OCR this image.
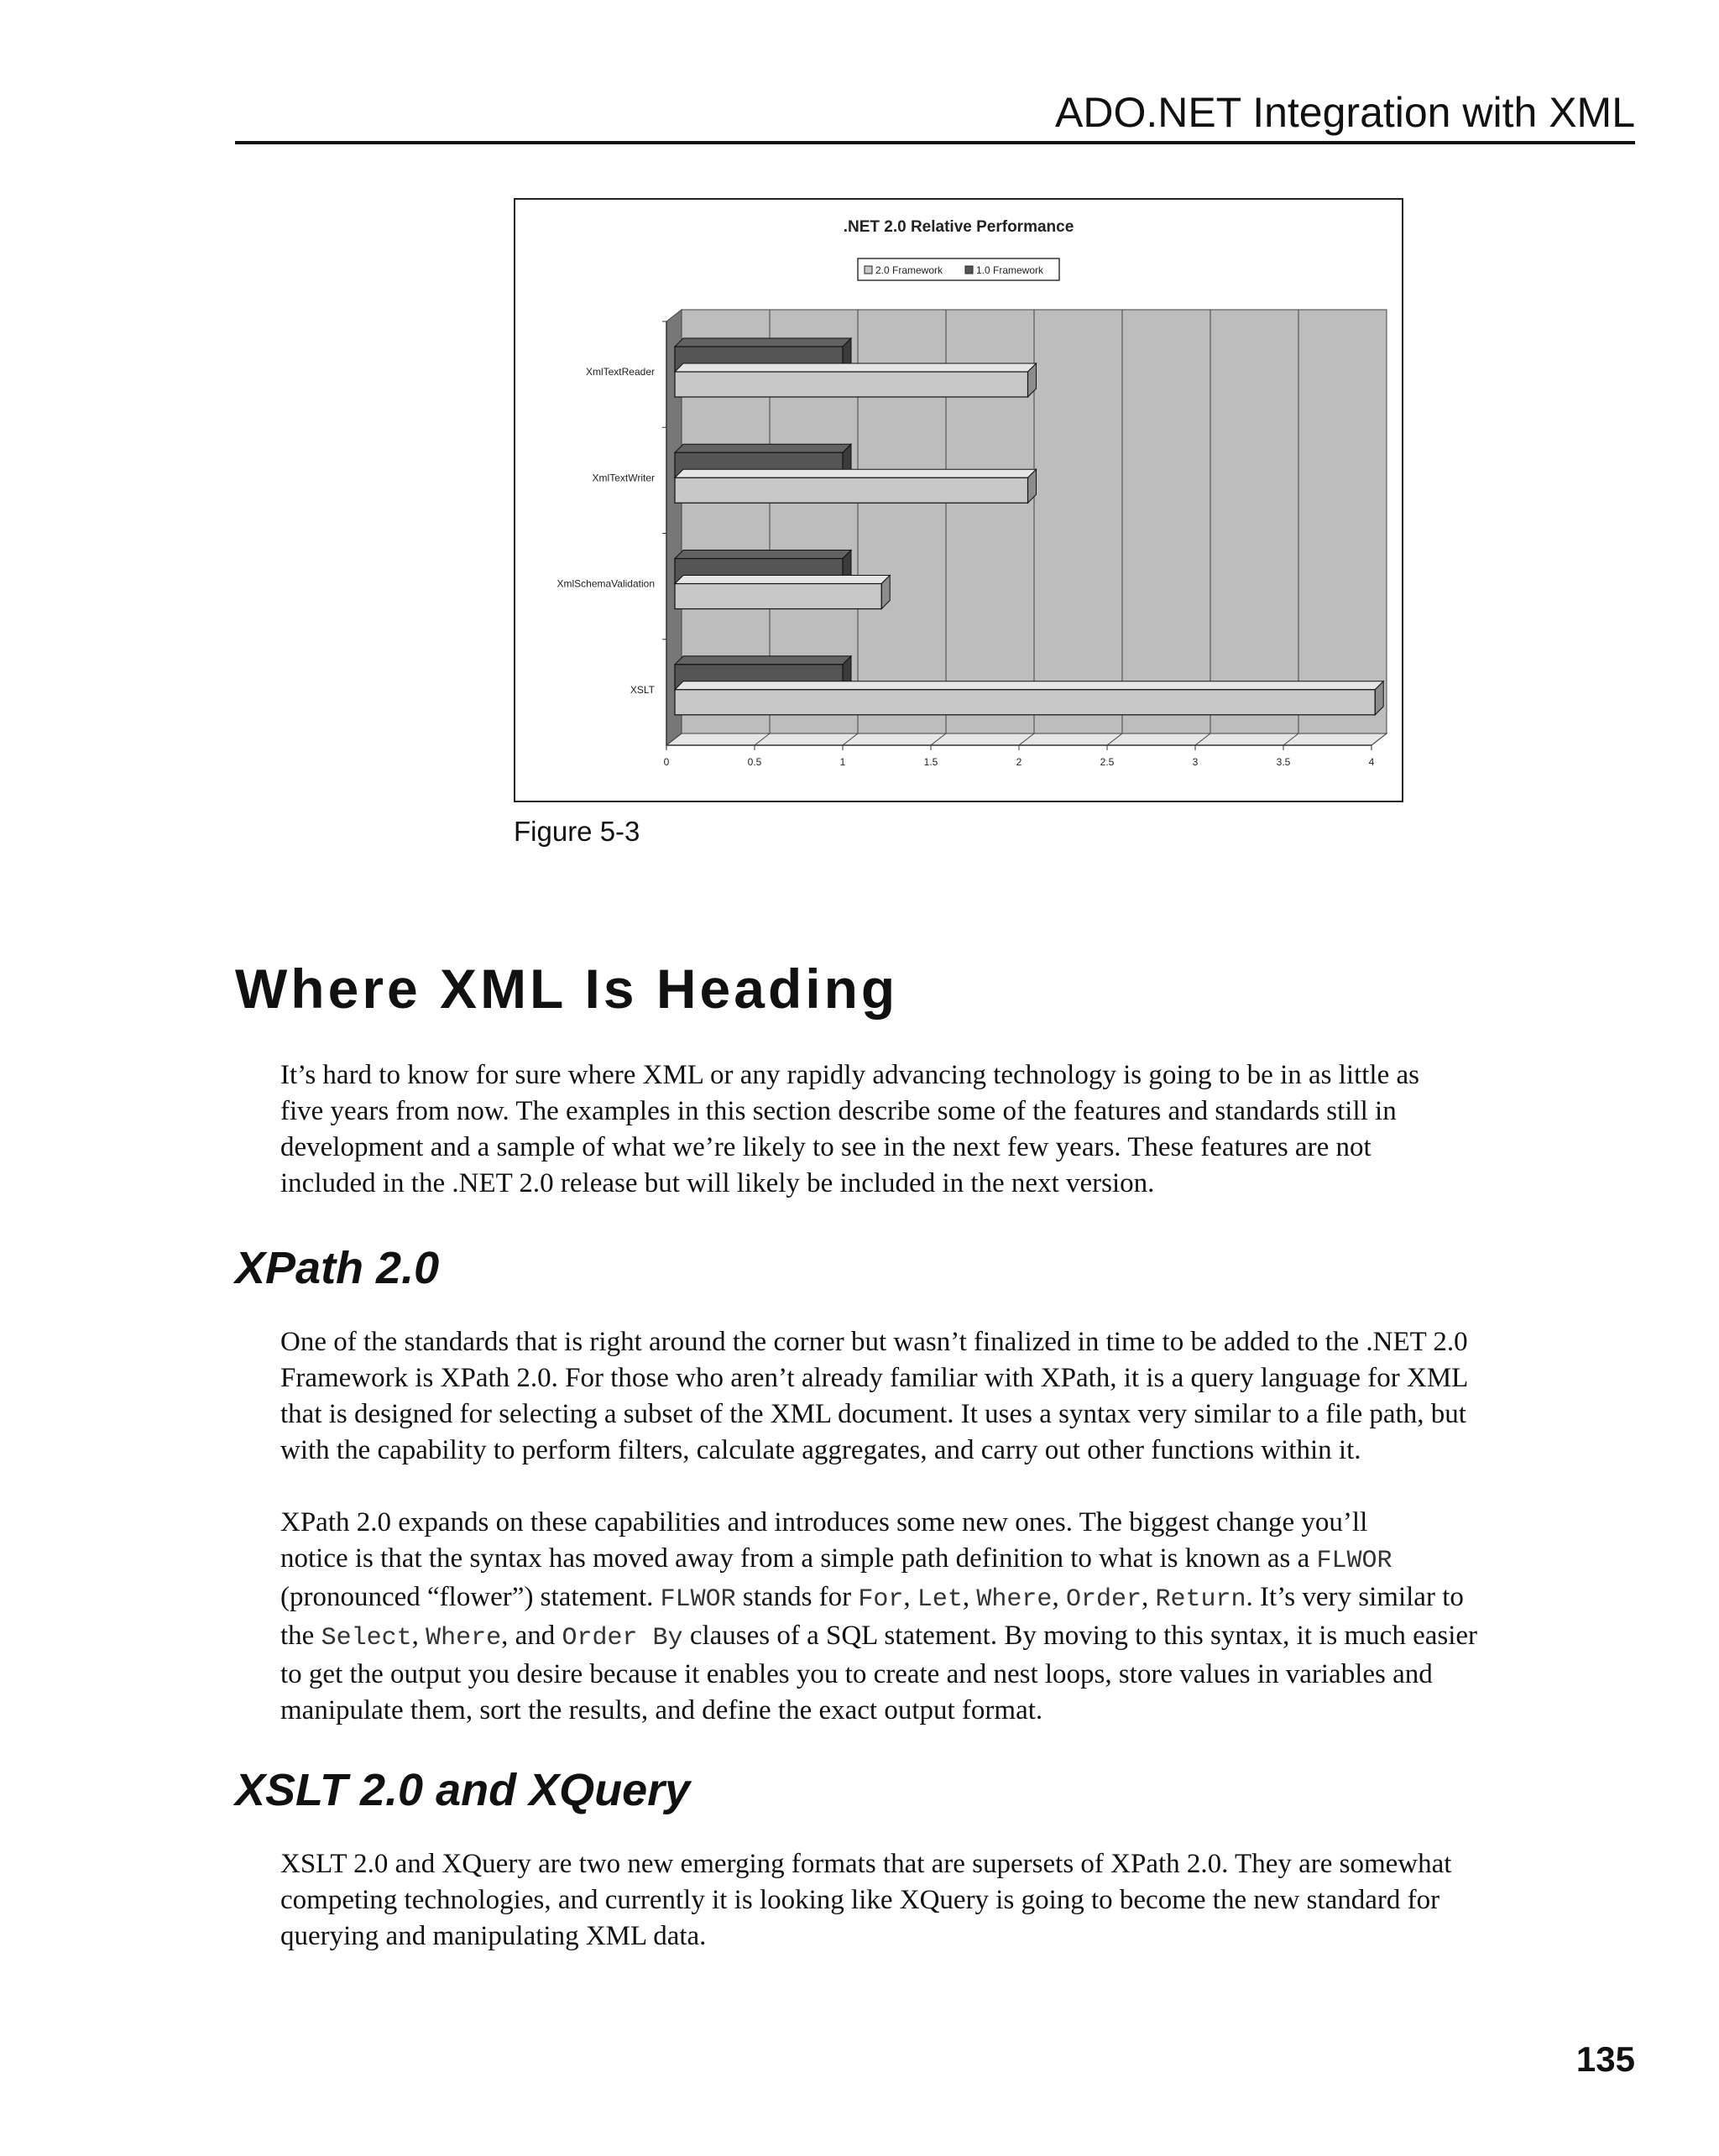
ADO.NET Integration with XML
.NET 2.0 Relative Performance
2.0 Framework	1.0 Framework
0	0.5	1	1.5	2	2.5	3	3.5	4
XmlTextReader
XmlTextWriter
XmlSchemaValidation
XSLT
Figure 5-3
Where XML Is Heading
It’s hard to know for sure where XML or any rapidly advancing technology is going to be in as little as
five years from now. The examples in this section describe some of the features and standards still in
development and a sample of what we’re likely to see in the next few years. These features are not
included in the .NET 2.0 release but will likely be included in the next version.
XPath 2.0
One of the standards that is right around the corner but wasn’t finalized in time to be added to the .NET 2.0
Framework is XPath 2.0. For those who aren’t already familiar with XPath, it is a query language for XML
that is designed for selecting a subset of the XML document. It uses a syntax very similar to a file path, but
with the capability to perform filters, calculate aggregates, and carry out other functions within it.
XPath 2.0 expands on these capabilities and introduces some new ones. The biggest change you’ll
notice is that the syntax has moved away from a simple path definition to what is known as a FLWOR
(pronounced “flower”) statement. FLWOR stands for For, Let, Where, Order, Return. It’s very similar to
the Select, Where, and Order By clauses of a SQL statement. By moving to this syntax, it is much easier
to get the output you desire because it enables you to create and nest loops, store values in variables and
manipulate them, sort the results, and define the exact output format.
XSLT 2.0 and XQuery
XSLT 2.0 and XQuery are two new emerging formats that are supersets of XPath 2.0. They are somewhat
competing technologies, and currently it is looking like XQuery is going to become the new standard for
querying and manipulating XML data.
135
